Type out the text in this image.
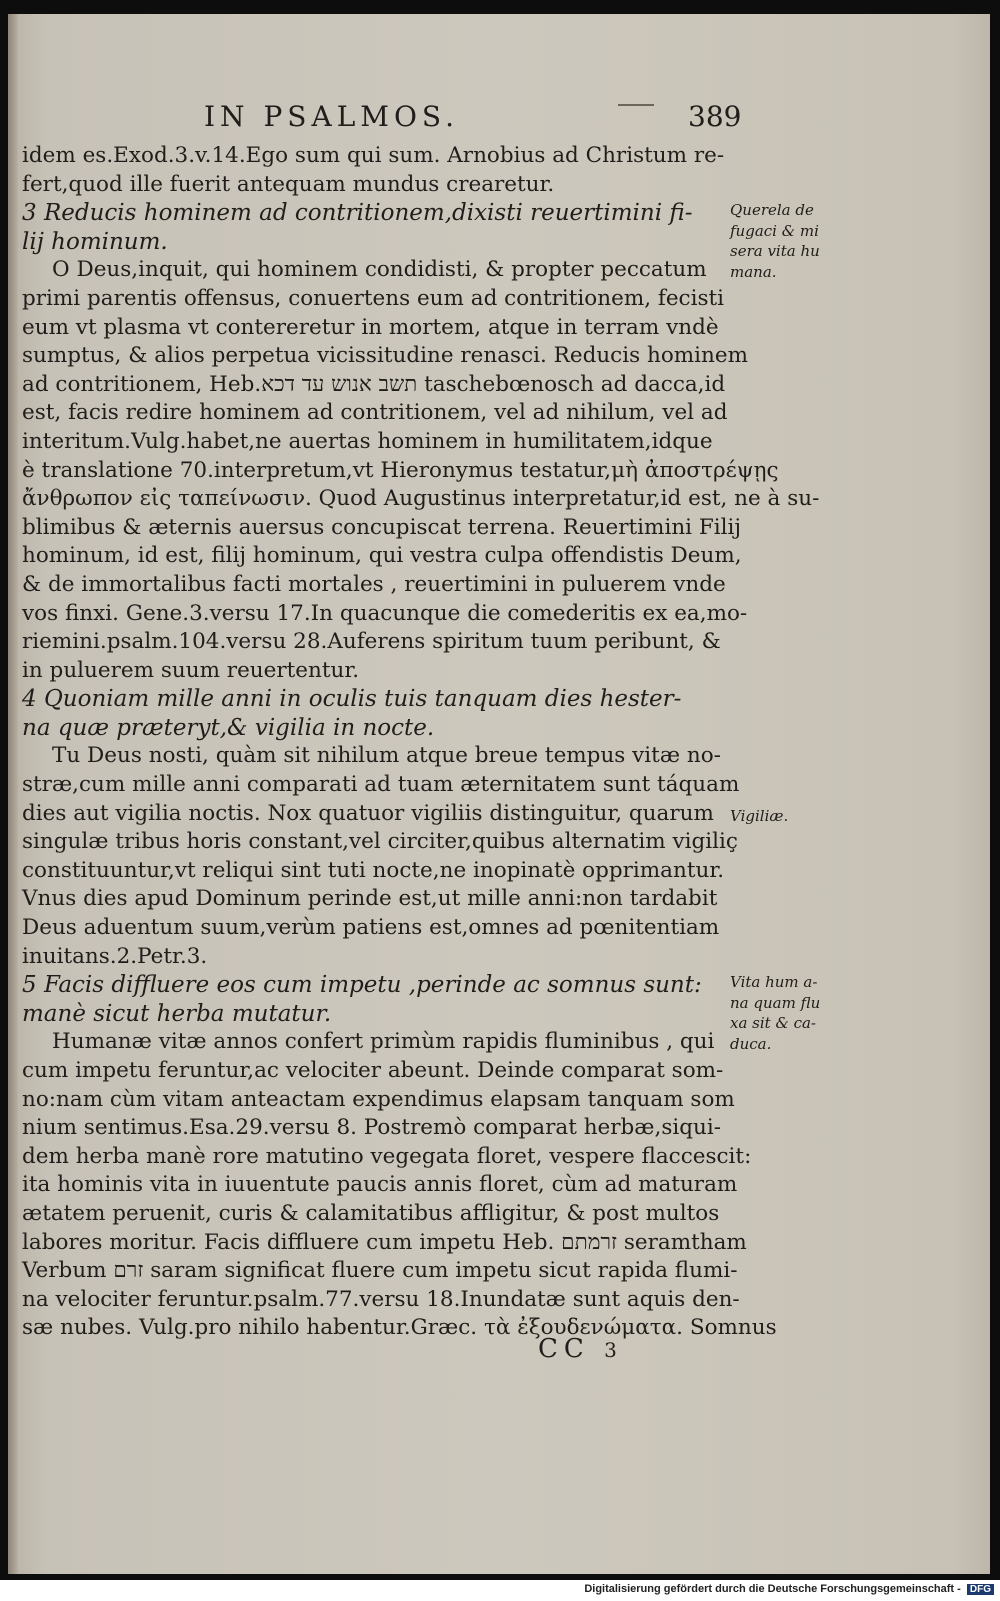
IN PSALMOS.	389
idem es.Exod.3.v.14.Ego sum qui sum. Arnobius ad Christum re-
fert,quod ille fuerit antequam mundus crearetur.
3 Reducis hominem ad contritionem,dixisti reuertimini fi-
lij hominum.
O Deus,inquit, qui hominem condidisti, & propter peccatum
primi parentis offensus, conuertens eum ad contritionem, fecisti
eum vt plasma vt contereretur in mortem, atque in terram vndè
sumptus, & alios perpetua vicissitudine renasci. Reducis hominem
ad contritionem, Heb.תשב אנוש עד דכא taschebœnosch ad dacca,id
est, facis redire hominem ad contritionem, vel ad nihilum, vel ad
interitum.Vulg.habet,ne auertas hominem in humilitatem,idque
è translatione 70.interpretum,vt Hieronymus testatur,μὴ ἀποστρέψῃς
ἄνθρωπον εἰς ταπείνωσιν. Quod Augustinus interpretatur,id est, ne à su-
blimibus & æternis auersus concupiscat terrena. Reuertimini Filij
hominum, id est, filij hominum, qui vestra culpa offendistis Deum,
& de immortalibus facti mortales , reuertimini in puluerem vnde
vos finxi. Gene.3.versu 17.In quacunque die comederitis ex ea,mo-
riemini.psalm.104.versu 28.Auferens spiritum tuum peribunt, &
in puluerem suum reuertentur.
4 Quoniam mille anni in oculis tuis tanquam dies hester-
na quæ præteryt,& vigilia in nocte.
Tu Deus nosti, quàm sit nihilum atque breue tempus vitæ no-
stræ,cum mille anni comparati ad tuam æternitatem sunt táquam
dies aut vigilia noctis. Nox quatuor vigiliis distinguitur, quarum
singulæ tribus horis constant,vel circiter,quibus alternatim vigiliç
constituuntur,vt reliqui sint tuti nocte,ne inopinatè opprimantur.
Vnus dies apud Dominum perinde est,ut mille anni:non tardabit
Deus aduentum suum,verùm patiens est,omnes ad pœnitentiam
inuitans.2.Petr.3.
5 Facis diffluere eos cum impetu ,perinde ac somnus sunt:
manè sicut herba mutatur.
Humanæ vitæ annos confert primùm rapidis fluminibus , qui
cum impetu feruntur,ac velociter abeunt. Deinde comparat som-
no:nam cùm vitam anteactam expendimus elapsam tanquam som
nium sentimus.Esa.29.versu 8. Postremò comparat herbæ,siqui-
dem herba manè rore matutino vegegata floret, vespere flaccescit:
ita hominis vita in iuuentute paucis annis floret, cùm ad maturam
ætatem peruenit, curis & calamitatibus affligitur, & post multos
labores moritur. Facis diffluere cum impetu Heb. זרמתם seramtham
Verbum זרם saram significat fluere cum impetu sicut rapida flumi-
na velociter feruntur.psalm.77.versu 18.Inundatæ sunt aquis den-
sæ nubes. Vulg.pro nihilo habentur.Græc. τὰ ἐξουδενώματα. Somnus
Querela de fugaci & mi sera vita hu mana.
Vigiliæ.
Vita hum a- na quam flu xa sit & ca- duca.
CC 3
Digitalisierung gefördert durch die Deutsche Forschungsgemeinschaft - DFG
